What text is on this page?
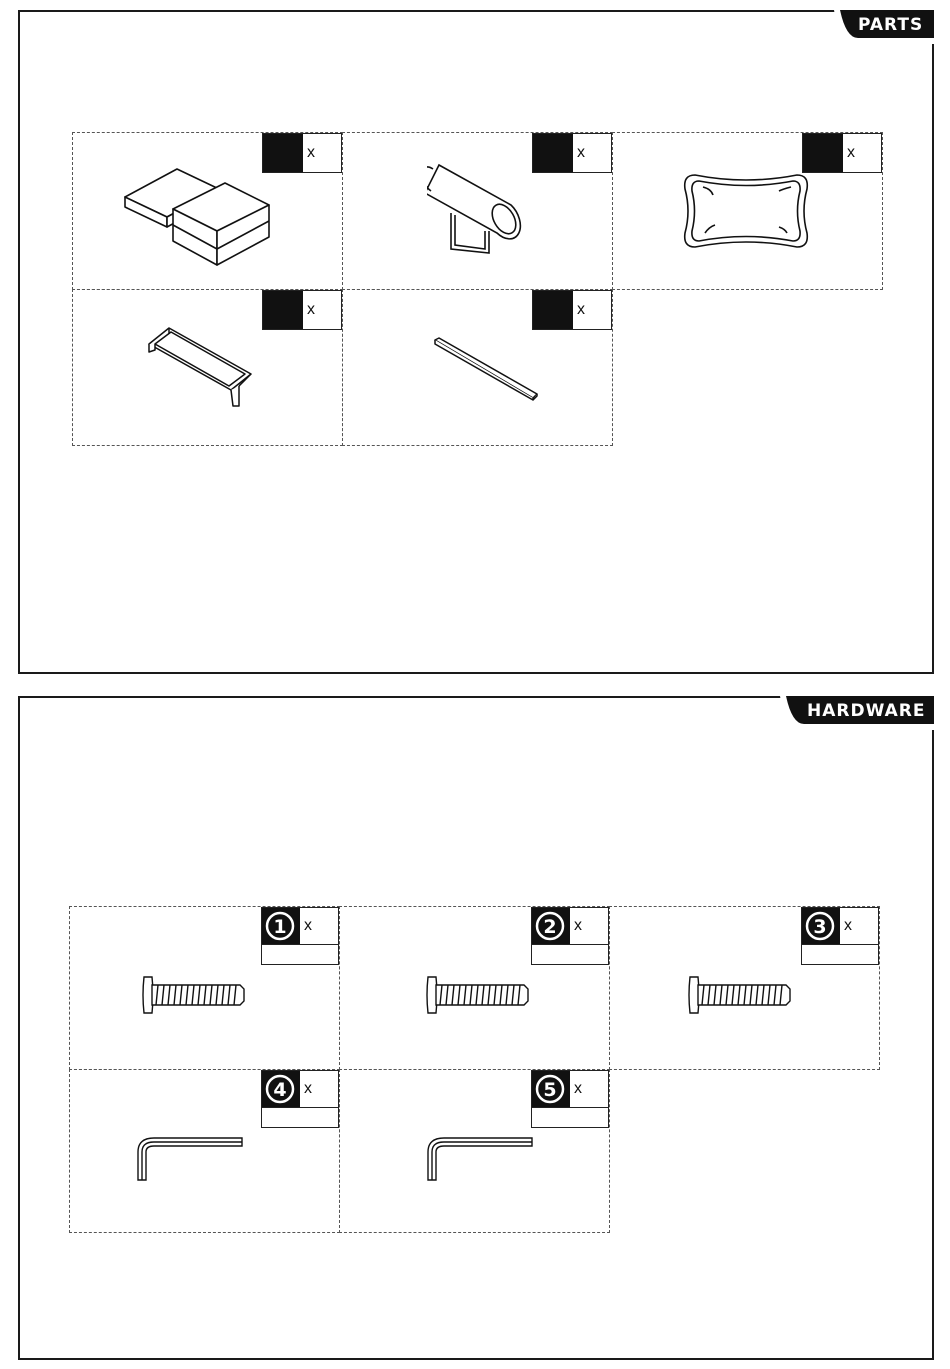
PARTS
x	x	x
x	x
HARDWARE
x
1	x
2	x
3
x
4	x
5
